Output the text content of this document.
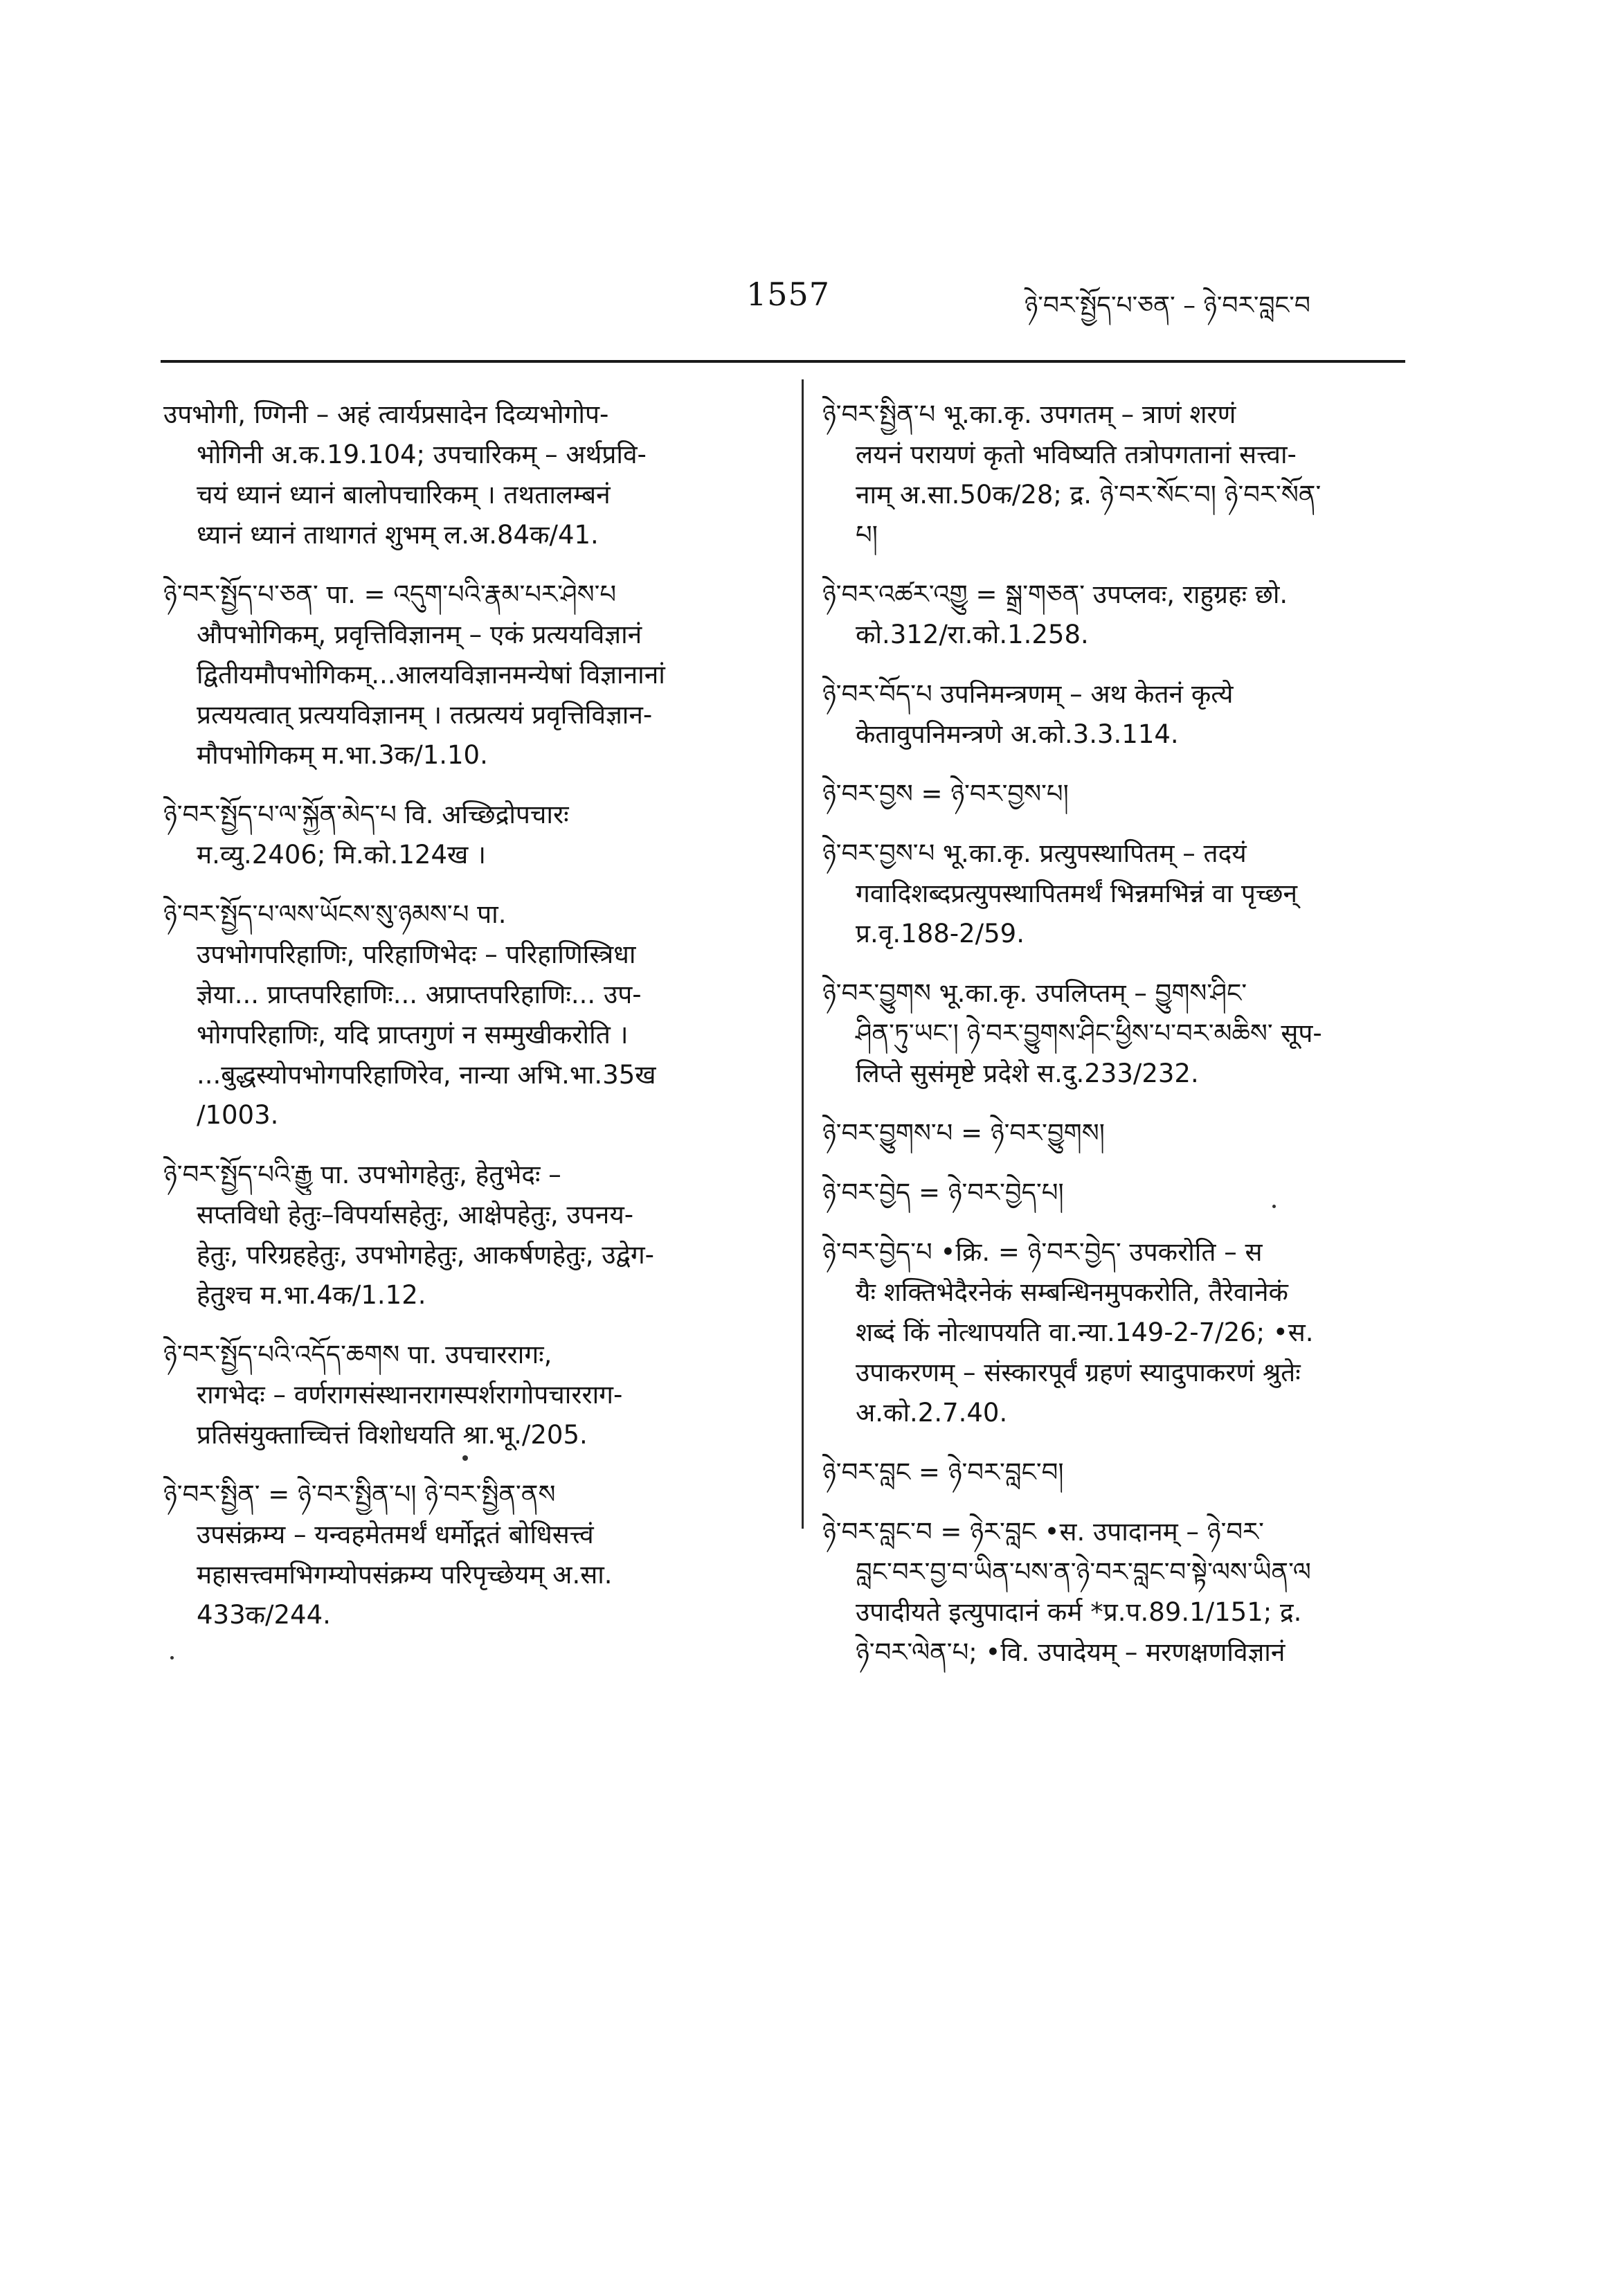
1557	ཉེ་བར་སྤྱོད་པ་ཅན་ – ཉེ་བར་བླང་བ
उपभोगी, ण्गिनी – अहं त्वार्यप्रसादेन दिव्यभोगोप-
भोगिनी अ.क.19.104; उपचारिकम् – अर्थप्रवि-
चयं ध्यानं ध्यानं बालोपचारिकम् । तथतालम्बनं
ध्यानं ध्यानं ताथागतं शुभम् ल.अ.84क/41.
ཉེ་བར་སྤྱོད་པ་ཅན་ पा. = འདུག་པའི་རྣམ་པར་ཤེས་པ
औपभोगिकम्, प्रवृत्तिविज्ञानम् – एकं प्रत्ययविज्ञानं
द्वितीयमौपभोगिकम्...आलयविज्ञानमन्येषां विज्ञानानां
प्रत्ययत्वात् प्रत्ययविज्ञानम् । तत्प्रत्ययं प्रवृत्तिविज्ञान-
मौपभोगिकम् म.भा.3क/1.10.
ཉེ་བར་སྤྱོད་པ་ལ་སྐྱོན་མེད་པ वि. अच्छिद्रोपचारः
म.व्यु.2406; मि.को.124ख ।
ཉེ་བར་སྤྱོད་པ་ལས་ཡོངས་སུ་ཉམས་པ पा.
उपभोगपरिहाणिः, परिहाणिभेदः – परिहाणिस्त्रिधा
ज्ञेया... प्राप्तपरिहाणिः... अप्राप्तपरिहाणिः... उप-
भोगपरिहाणिः, यदि प्राप्तगुणं न सम्मुखीकरोति ।
...बुद्धस्योपभोगपरिहाणिरेव, नान्या अभि.भा.35ख
/1003.
ཉེ་བར་སྤྱོད་པའི་རྒྱུ पा. उपभोगहेतुः, हेतुभेदः –
सप्तविधो हेतुः–विपर्यासहेतुः, आक्षेपहेतुः, उपनय-
हेतुः, परिग्रहहेतुः, उपभोगहेतुः, आकर्षणहेतुः, उद्वेग-
हेतुश्च म.भा.4क/1.12.
ཉེ་བར་སྤྱོད་པའི་འདོད་ཆགས पा. उपचाररागः,
रागभेदः – वर्णरागसंस्थानरागस्पर्शरागोपचारराग-
प्रतिसंयुक्ताच्चित्तं विशोधयति श्रा.भू./205.
ཉེ་བར་སྤྱིན་ = ཉེ་བར་སྤྱིན་པ། ཉེ་བར་སྤྱིན་ནས
उपसंक्रम्य – यन्वहमेतमर्थं धर्मोद्गतं बोधिसत्त्वं
महासत्त्वमभिगम्योपसंक्रम्य परिपृच्छेयम् अ.सा.
433क/244.
ཉེ་བར་སྤྱིན་པ भू.का.कृ. उपगतम् – त्राणं शरणं
लयनं परायणं कृतो भविष्यति तत्रोपगतानां सत्त्वा-
नाम् अ.सा.50क/28; द्र. ཉེ་བར་སོང་བ། ཉེ་བར་སོན་
པ།
ཉེ་བར་འཚར་འགྱུ = སྒྲ་གཅན་ उपप्लवः, राहुग्रहः छो.
को.312/रा.को.1.258.
ཉེ་བར་བོད་པ उपनिमन्त्रणम् – अथ केतनं कृत्ये
केतावुपनिमन्त्रणे अ.को.3.3.114.
ཉེ་བར་བྱས = ཉེ་བར་བྱས་པ།
ཉེ་བར་བྱས་པ भू.का.कृ. प्रत्युपस्थापितम् – तदयं
गवादिशब्दप्रत्युपस्थापितमर्थं भिन्नमभिन्नं वा पृच्छन्
प्र.वृ.188-2/59.
ཉེ་བར་བྱུགས भू.का.कृ. उपलिप्तम् – བྱུགས་ཤིང་
ཤིན་ཏུ་ཡང་། ཉེ་བར་བྱུགས་ཤིང་ཕྱིས་པ་བར་མཆིས་ सूप-
लिप्ते सुसंमृष्टे प्रदेशे स.दु.233/232.
ཉེ་བར་བྱུགས་པ = ཉེ་བར་བྱུགས།
ཉེ་བར་བྱེད = ཉེ་བར་བྱེད་པ།
ཉེ་བར་བྱེད་པ •क्रि. = ཉེ་བར་བྱེད་ उपकरोति – स
यैः शक्तिभेदैरनेकं सम्बन्धिनमुपकरोति, तैरेवानेकं
शब्दं किं नोत्थापयति वा.न्या.149-2-7/26; •स.
उपाकरणम् – संस्कारपूर्वं ग्रहणं स्यादुपाकरणं श्रुतेः
अ.को.2.7.40.
ཉེ་བར་བླང = ཉེ་བར་བླང་བ།
ཉེ་བར་བླང་བ = ཉེར་བླང •स. उपादानम् – ཉེ་བར་
བླང་བར་བྱ་བ་ཡིན་པས་ན་ཉེ་བར་བླང་བ་སྟེ་ལས་ཡིན་ལ
उपादीयते इत्युपादानं कर्म *प्र.प.89.1/151; द्र.
ཉེ་བར་ལེན་པ; •वि. उपादेयम् – मरणक्षणविज्ञानं
